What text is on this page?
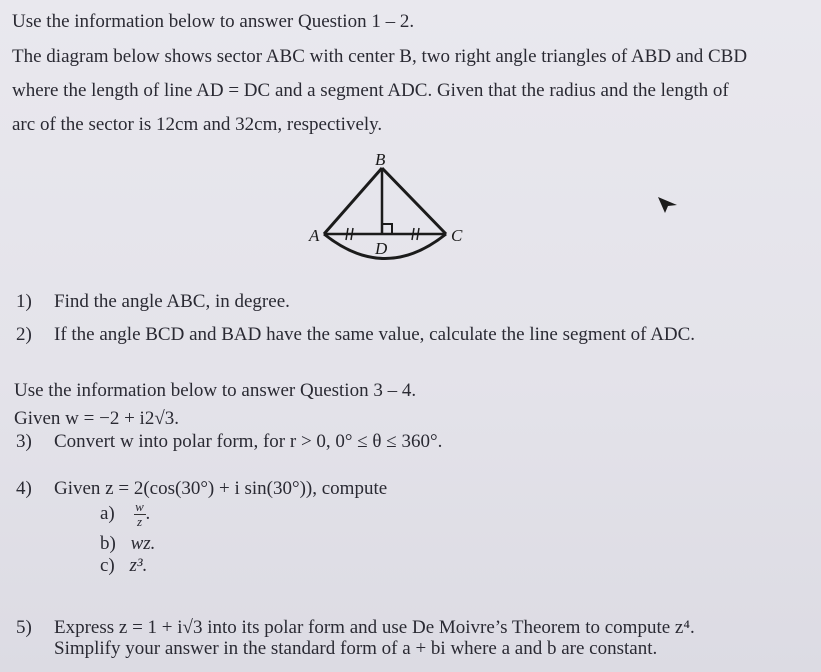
Use the information below to answer Question 1 – 2.
The diagram below shows sector ABC with center B, two right angle triangles of ABD and CBD
where the length of line AD = DC and a segment ADC. Given that the radius and the length of
arc of the sector is 12cm and 32cm, respectively.
B
A	C
D
1) Find the angle ABC, in degree.
2) If the angle BCD and BAD have the same value, calculate the line segment of ADC.
Use the information below to answer Question 3 – 4.
Given w = −2 + i2√3.
3) Convert w into polar form, for r > 0, 0° ≤ θ ≤ 360°.
4) Given z = 2(cos(30°) + i sin(30°)), compute
$a) \frac{w}{z}$ .
b) wz.
c) z³.
5) Express z = 1 + i√3 into its polar form and use De Moivre’s Theorem to compute z⁴.
Simplify your answer in the standard form of a + bi where a and b are constant.
